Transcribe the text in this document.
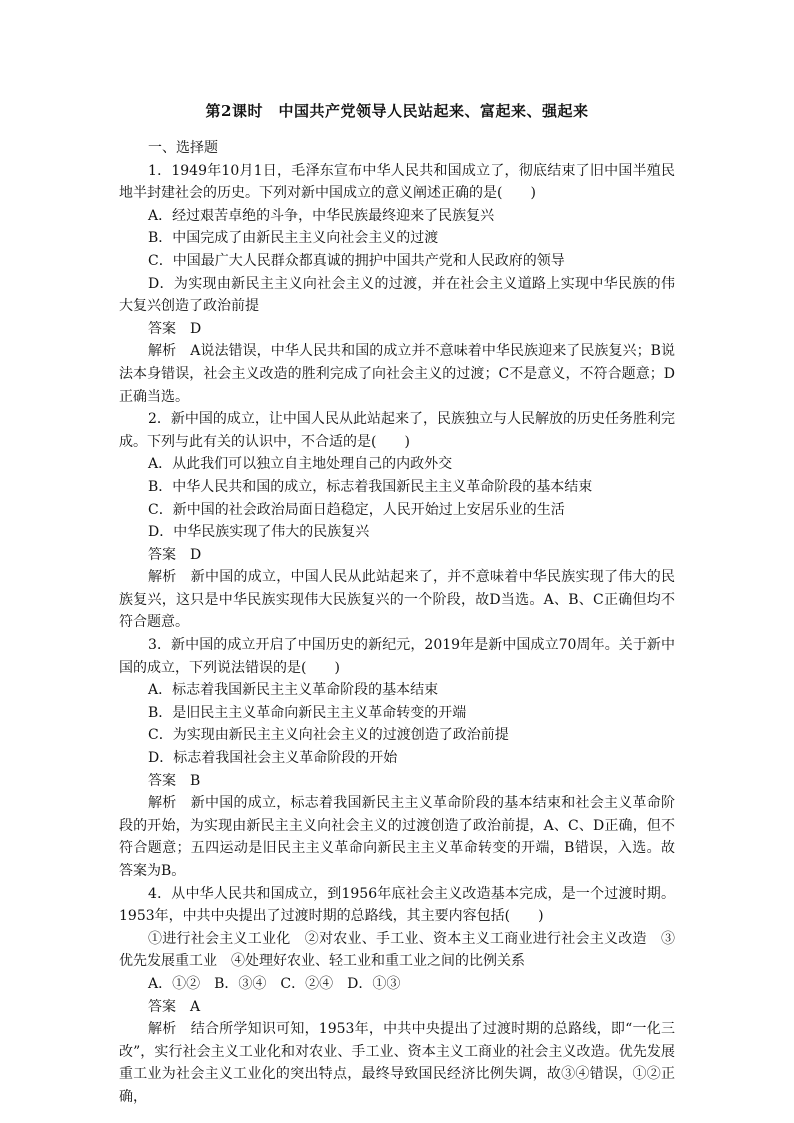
第2课时　中国共产党领导人民站起来、富起来、强起来

一、选择题

1．1949年10月1日，毛泽东宣布中华人民共和国成立了，彻底结束了旧中国半殖民地半封建社会的历史。下列对新中国成立的意义阐述正确的是(　　)

A．经过艰苦卓绝的斗争，中华民族最终迎来了民族复兴

B．中国完成了由新民主主义向社会主义的过渡

C．中国最广大人民群众都真诚的拥护中国共产党和人民政府的领导

D．为实现由新民主主义向社会主义的过渡，并在社会主义道路上实现中华民族的伟大复兴创造了政治前提

答案　D

解析　A说法错误，中华人民共和国的成立并不意味着中华民族迎来了民族复兴；B说法本身错误，社会主义改造的胜利完成了向社会主义的过渡；C不是意义，不符合题意；D正确当选。

2．新中国的成立，让中国人民从此站起来了，民族独立与人民解放的历史任务胜利完成。下列与此有关的认识中，不合适的是(　　)

A．从此我们可以独立自主地处理自己的内政外交

B．中华人民共和国的成立，标志着我国新民主主义革命阶段的基本结束

C．新中国的社会政治局面日趋稳定，人民开始过上安居乐业的生活

D．中华民族实现了伟大的民族复兴

答案　D

解析　新中国的成立，中国人民从此站起来了，并不意味着中华民族实现了伟大的民族复兴，这只是中华民族实现伟大民族复兴的一个阶段，故D当选。A、B、C正确但均不符合题意。

3．新中国的成立开启了中国历史的新纪元，2019年是新中国成立70周年。关于新中国的成立，下列说法错误的是(　　)

A．标志着我国新民主主义革命阶段的基本结束

B．是旧民主主义革命向新民主主义革命转变的开端

C．为实现由新民主主义向社会主义的过渡创造了政治前提

D．标志着我国社会主义革命阶段的开始

答案　B

解析　新中国的成立，标志着我国新民主主义革命阶段的基本结束和社会主义革命阶段的开始，为实现由新民主主义向社会主义的过渡创造了政治前提，A、C、D正确，但不符合题意；五四运动是旧民主主义革命向新民主主义革命转变的开端，B错误，入选。故答案为B。

4．从中华人民共和国成立，到1956年底社会主义改造基本完成，是一个过渡时期。1953年，中共中央提出了过渡时期的总路线，其主要内容包括(　　)

①进行社会主义工业化　②对农业、手工业、资本主义工商业进行社会主义改造　③优先发展重工业　④处理好农业、轻工业和重工业之间的比例关系

A．①②　B．③④　C．②④　D．①③

答案　A

解析　结合所学知识可知，1953年，中共中央提出了过渡时期的总路线，即“一化三改”，实行社会主义工业化和对农业、手工业、资本主义工商业的社会主义改造。优先发展重工业为社会主义工业化的突出特点，最终导致国民经济比例失调，故③④错误，①②正确，
